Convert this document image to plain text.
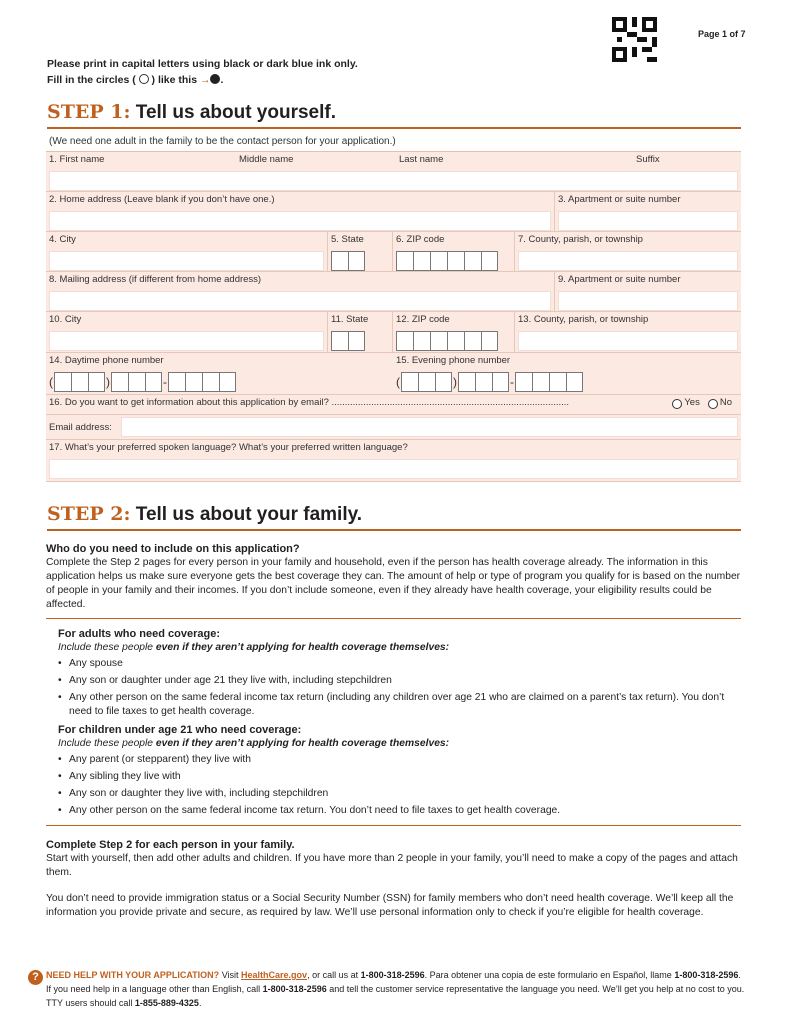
Page 1 of 7
Please print in capital letters using black or dark blue ink only.
Fill in the circles ( ) like this → .
STEP 1: Tell us about yourself.
(We need one adult in the family to be the contact person for your application.)
1. First name	Middle name	Last name	Suffix
2. Home address (Leave blank if you don’t have one.)	3. Apartment or suite number
4. City	5. State	6. ZIP code	7. County, parish, or township
8. Mailing address (if different from home address)	9. Apartment or suite number
10. City	11. State	12. ZIP code	13. County, parish, or township
14. Daytime phone number
(	)	-
15. Evening phone number
(	)	-
16. Do you want to get information about this application by email? ..........................................................................................	Yes No
Email address:
17. What’s your preferred spoken language? What’s your preferred written language?
STEP 2: Tell us about your family.
Who do you need to include on this application?

Complete the Step 2 pages for every person in your family and household, even if the person has health coverage already. The information in this application helps us make sure everyone gets the best coverage they can. The amount of help or type of program you qualify for is based on the number of people in your family and their incomes. If you don’t include someone, even if they already have health coverage, your eligibility results could be affected.

For adults who need coverage:
Include these people even if they aren’t applying for health coverage themselves:
• Any spouse
• Any son or daughter under age 21 they live with, including stepchildren
• Any other person on the same federal income tax return (including any children over age 21 who are claimed on a parent’s tax return). You don’t need to file taxes to get health coverage.
For children under age 21 who need coverage:
Include these people even if they aren’t applying for health coverage themselves:
• Any parent (or stepparent) they live with
• Any sibling they live with
• Any son or daughter they live with, including stepchildren
• Any other person on the same federal income tax return. You don’t need to file taxes to get health coverage.
Complete Step 2 for each person in your family.

Start with yourself, then add other adults and children. If you have more than 2 people in your family, you’ll need to make a copy of the pages and attach them.

You don’t need to provide immigration status or a Social Security Number (SSN) for family members who don’t need health coverage. We’ll keep all the information you provide private and secure, as required by law. We’ll use personal information only to check if you’re eligible for health coverage.

? NEED HELP WITH YOUR APPLICATION? Visit HealthCare.gov, or call us at 1-800-318-2596. Para obtener una copia de este formulario en Español, llame 1-800-318-2596. If you need help in a language other than English, call 1-800-318-2596 and tell the customer service representative the language you need. We’ll get you help at no cost to you. TTY users should call 1-855-889-4325.
